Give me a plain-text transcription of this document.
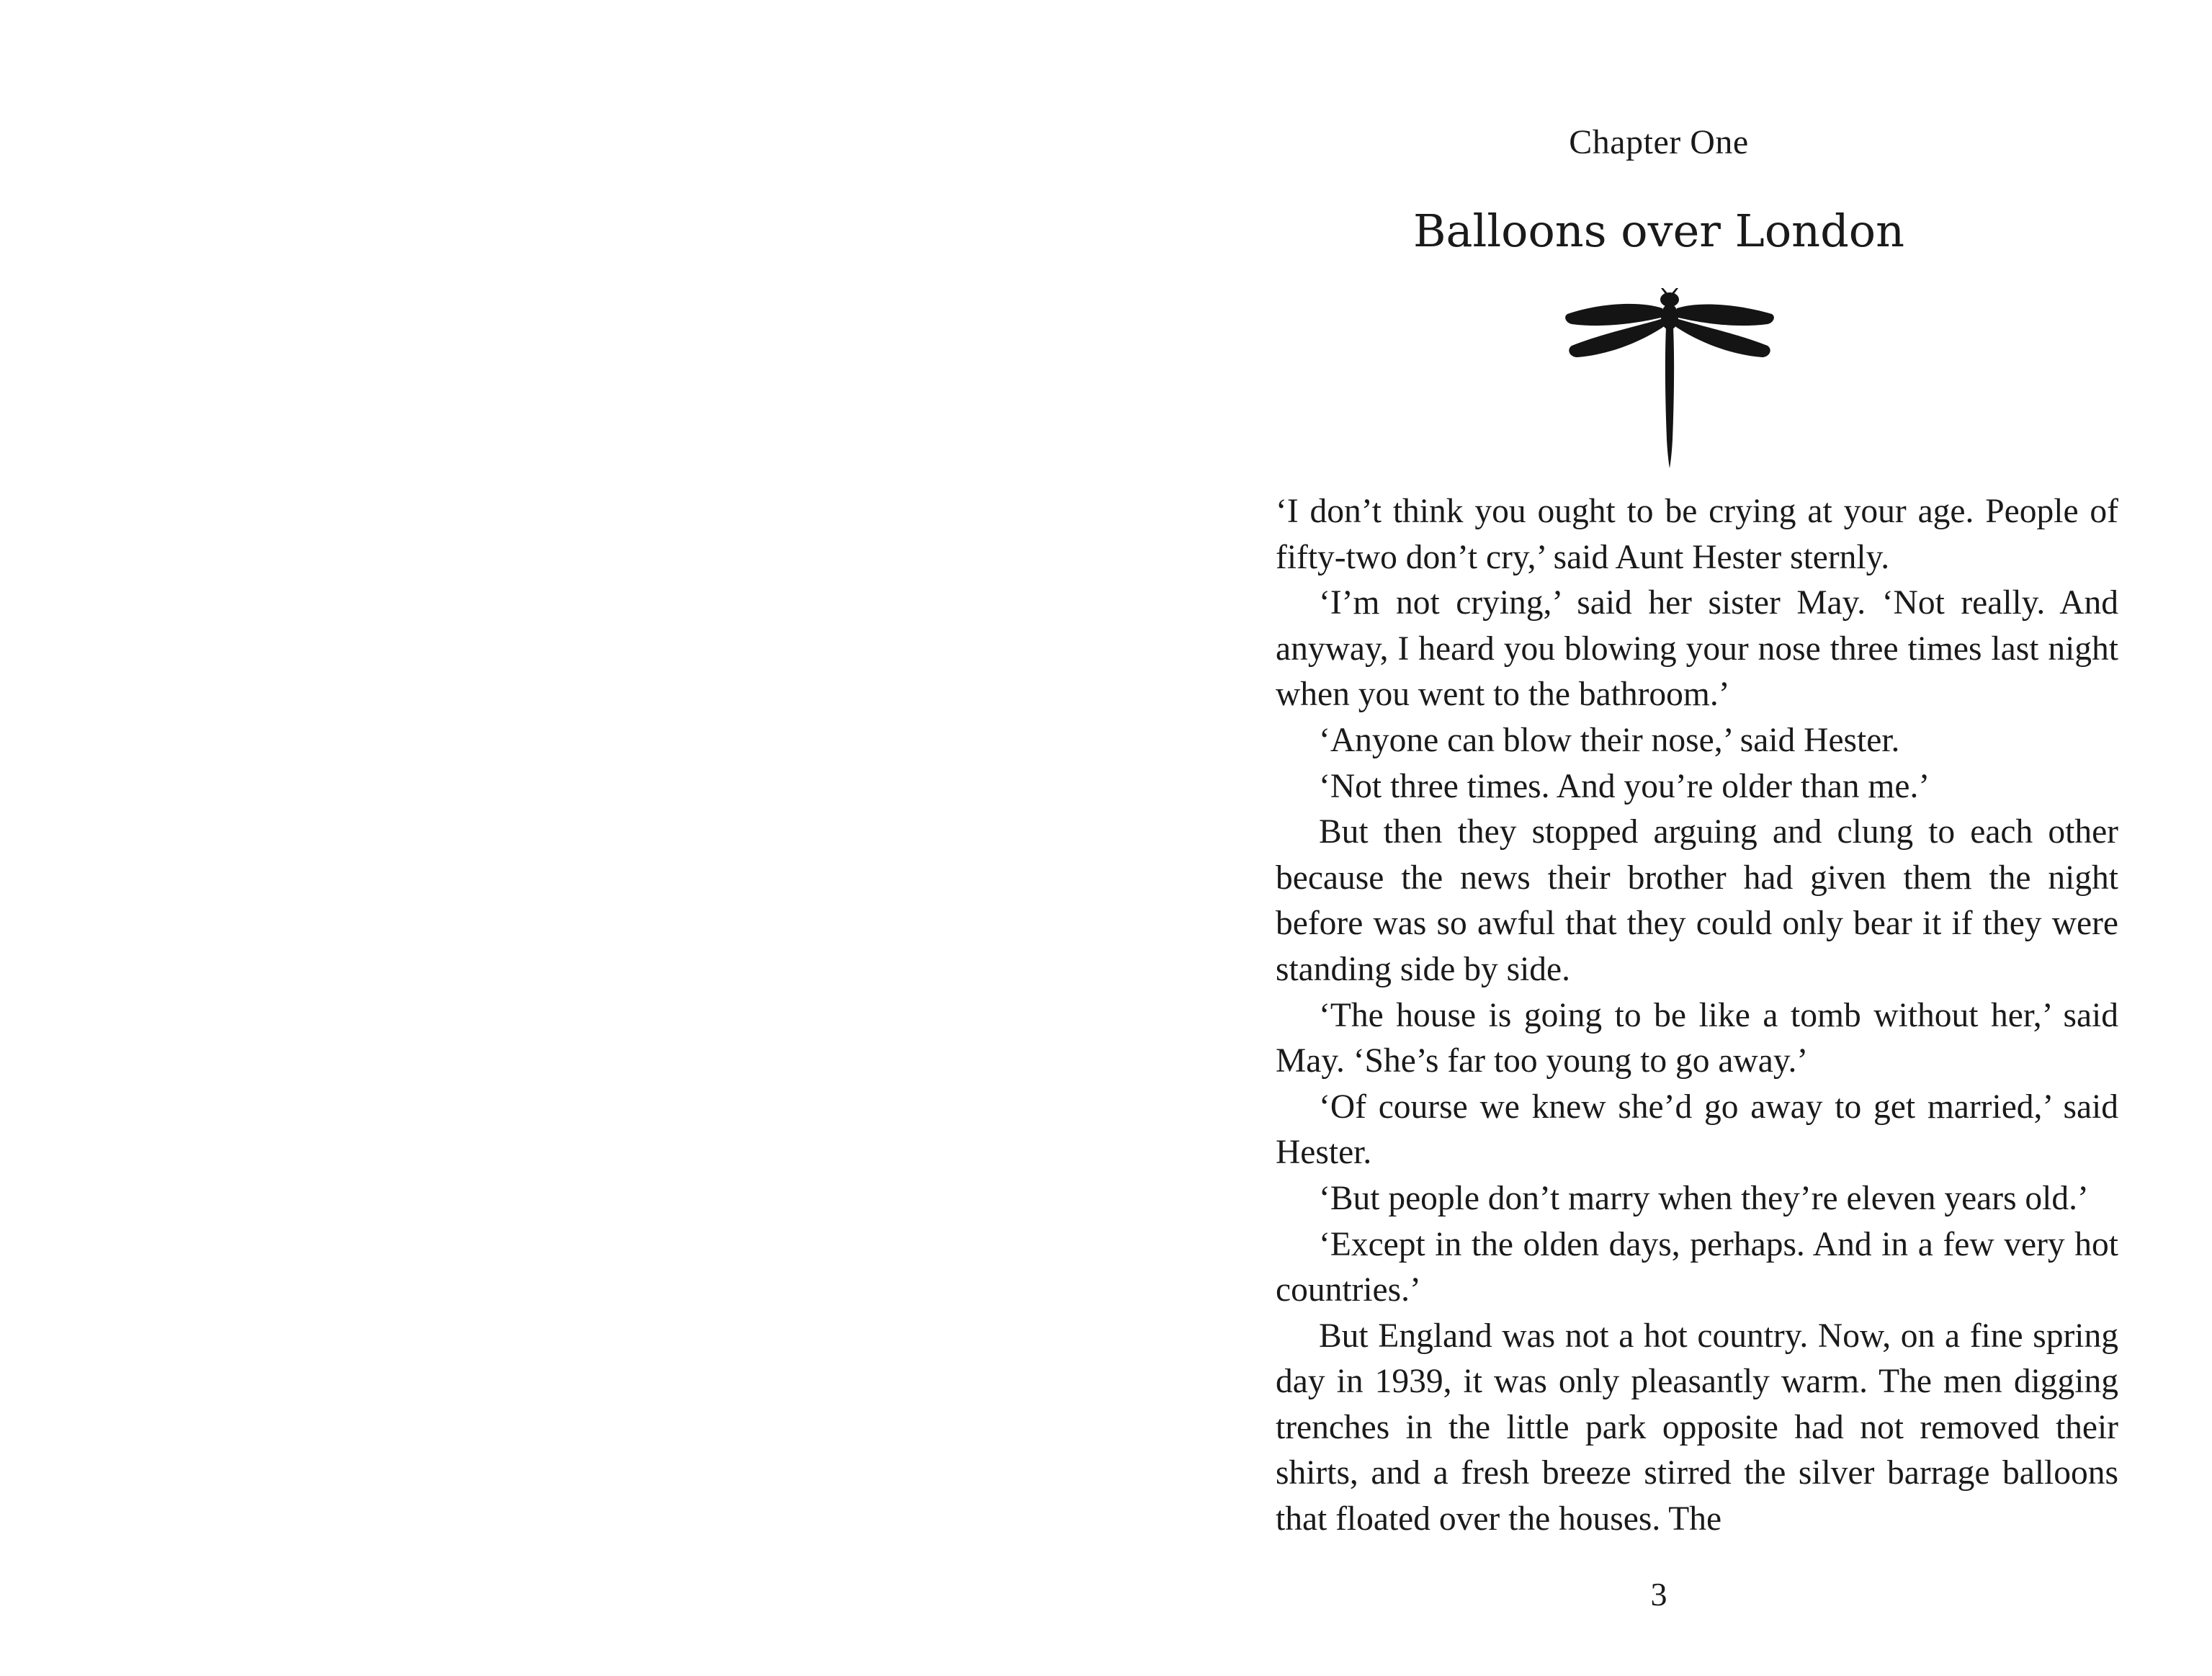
Chapter One
Balloons over London

‘I don’t think you ought to be crying at your age. People of fifty-two don’t cry,’ said Aunt Hester sternly.

‘I’m not crying,’ said her sister May. ‘Not really. And anyway, I heard you blowing your nose three times last night when you went to the bathroom.’

‘Anyone can blow their nose,’ said Hester.

‘Not three times. And you’re older than me.’

But then they stopped arguing and clung to each other because the news their brother had given them the night before was so awful that they could only bear it if they were standing side by side.

‘The house is going to be like a tomb without her,’ said May. ‘She’s far too young to go away.’

‘Of course we knew she’d go away to get married,’ said Hester.

‘But people don’t marry when they’re eleven years old.’

‘Except in the olden days, perhaps. And in a few very hot countries.’

But England was not a hot country. Now, on a fine spring day in 1939, it was only pleasantly warm. The men digging trenches in the little park opposite had not removed their shirts, and a fresh breeze stirred the silver barrage balloons that floated over the houses. The

3
